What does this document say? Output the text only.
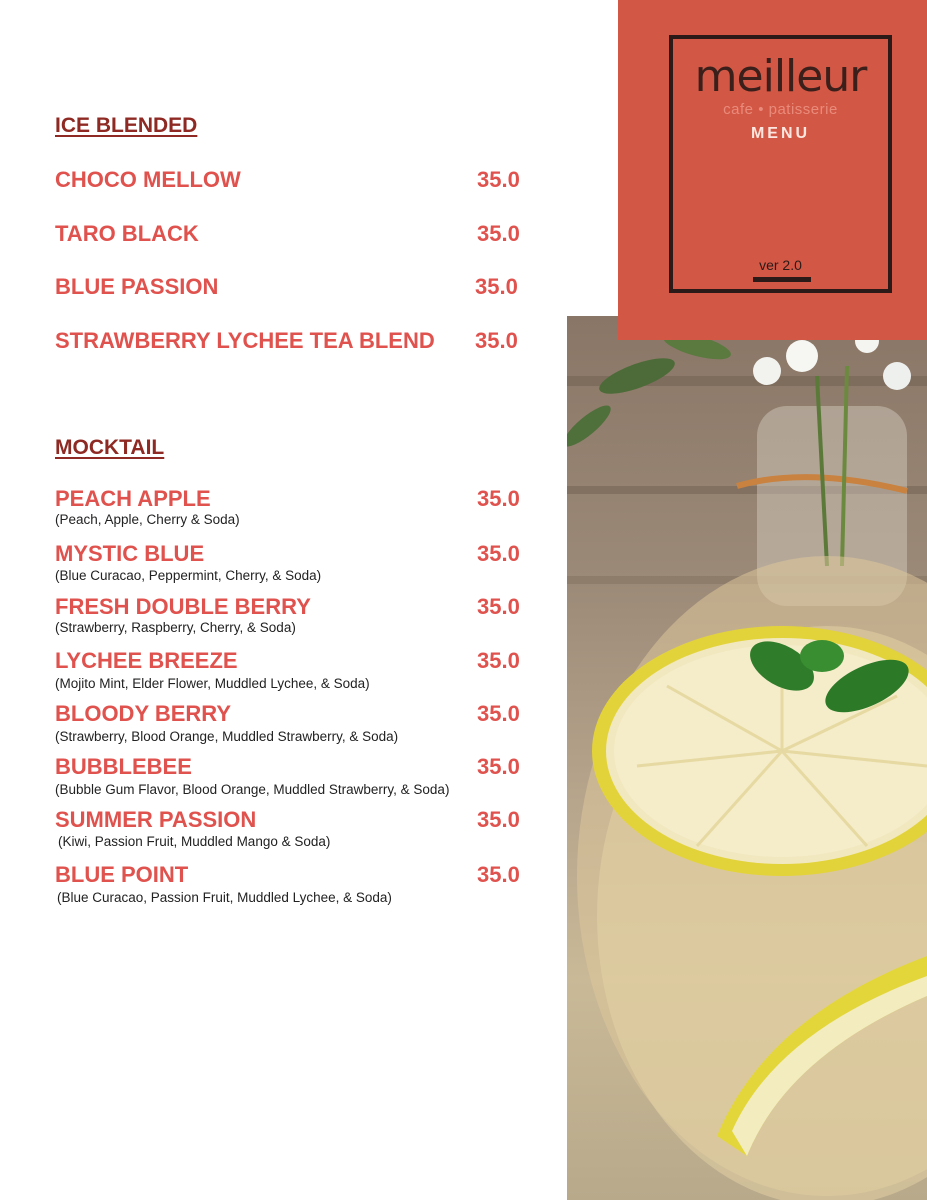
meilleur
cafe • patisserie
MENU
ver 2.0
ICE BLENDED
CHOCO MELLOW	35.0
TARO BLACK	35.0
BLUE PASSION	35.0
STRAWBERRY LYCHEE TEA BLEND 35.0
MOCKTAIL
PEACH APPLE	35.0
(Peach, Apple, Cherry & Soda)
MYSTIC BLUE	35.0
(Blue Curacao, Peppermint, Cherry, & Soda)
FRESH DOUBLE BERRY	35.0
(Strawberry, Raspberry, Cherry, & Soda)
LYCHEE BREEZE	35.0
(Mojito Mint, Elder Flower, Muddled Lychee, & Soda)
BLOODY BERRY	35.0
(Strawberry, Blood Orange, Muddled Strawberry, & Soda)
BUBBLEBEE	35.0
(Bubble Gum Flavor, Blood Orange, Muddled Strawberry, & Soda)
SUMMER PASSION	35.0
(Kiwi, Passion Fruit, Muddled Mango & Soda)
BLUE POINT	35.0
(Blue Curacao, Passion Fruit, Muddled Lychee, & Soda)
